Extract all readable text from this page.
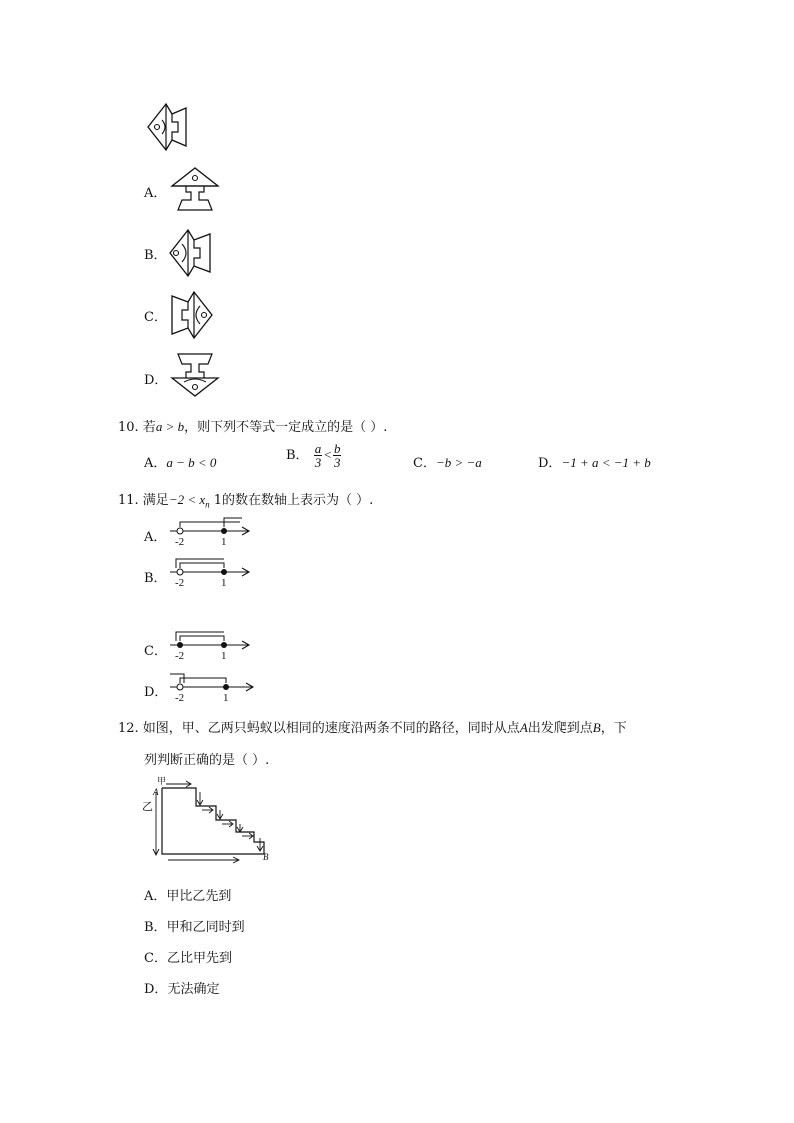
A．
B．
C．
D．
10. 若a > b，则下列不等式一定成立的是（ ）.
A．a − b < 0	B． $\frac{a}{3} < \frac{b}{3}$	C．−b > −a	D．−1 + a < −1 + b
11. 满足$-2 < x_n$ 1的数在数轴上表示为（ ）.
A． -2	1
B． -2	1
C． -2	1
D． -2	1
12. 如图，甲、乙两只蚂蚁以相同的速度沿两条不同的路径，同时从点A出发爬到点B，下
列判断正确的是（ ）.
甲
A
乙
B
A．甲比乙先到
B．甲和乙同时到
C．乙比甲先到
D．无法确定
